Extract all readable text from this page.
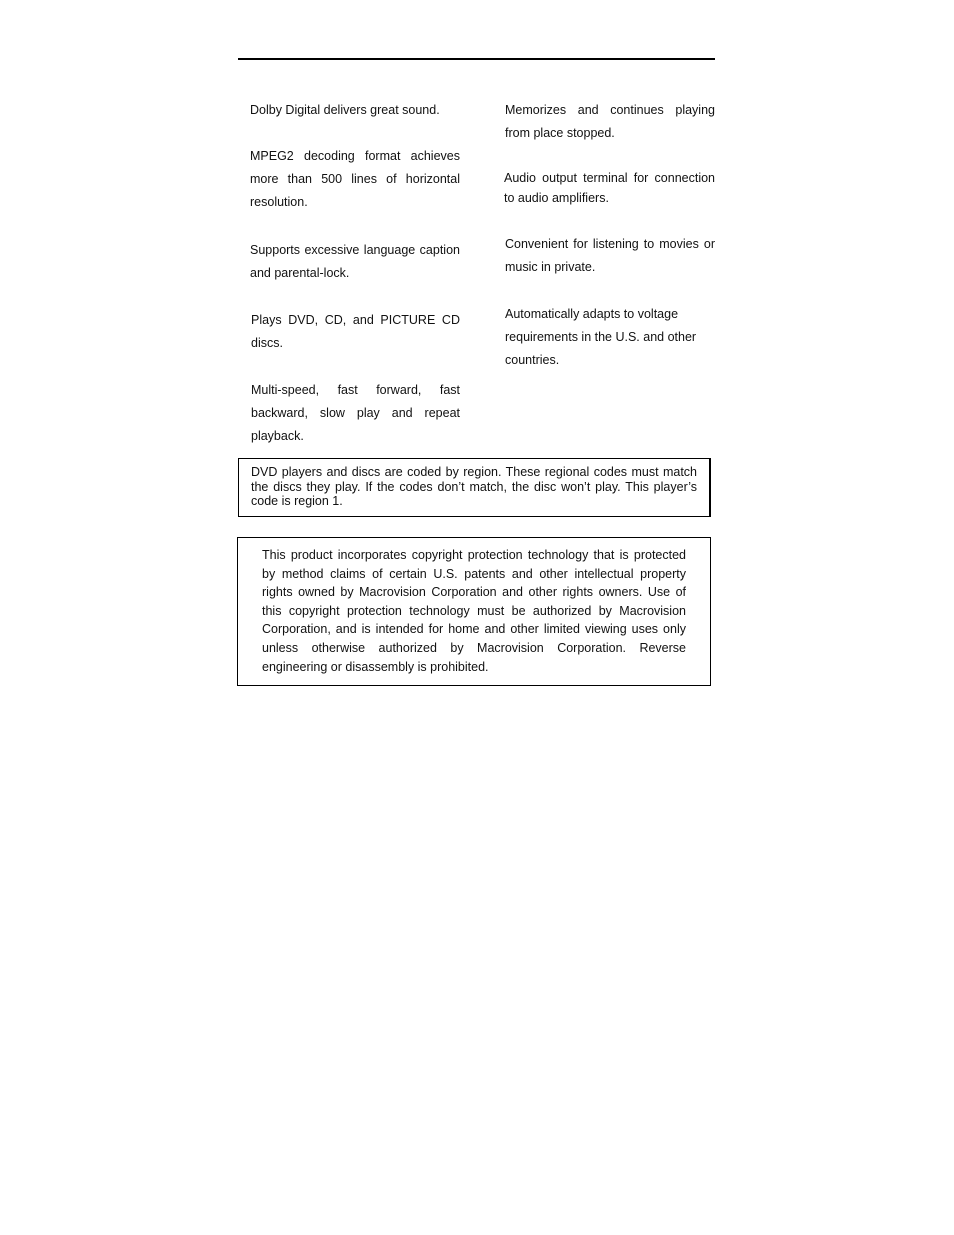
Dolby Digital delivers great sound.

MPEG2 decoding format achieves more than 500 lines of horizontal resolution.

Supports excessive language caption and parental-lock.

Plays DVD, CD, and PICTURE CD discs.

Multi-speed, fast forward, fast backward, slow play and repeat playback.

Memorizes and continues playing from place stopped.

Audio output terminal for connection to audio amplifiers.

Convenient for listening to movies or music in private.

Automatically adapts to voltage requirements in the U.S. and other countries.

DVD players and discs are coded by region. These regional codes must match the discs they play. If the codes don’t match, the disc won’t play. This player’s code is region 1.

This product incorporates copyright protection technology that is protected by method claims of certain U.S. patents and other intellectual property rights owned by Macrovision Corporation and other rights owners. Use of this copyright protection technology must be authorized by Macrovision Corporation, and is intended for home and other limited viewing uses only unless otherwise authorized by Macrovision Corporation. Reverse engineering or disassembly is prohibited.
